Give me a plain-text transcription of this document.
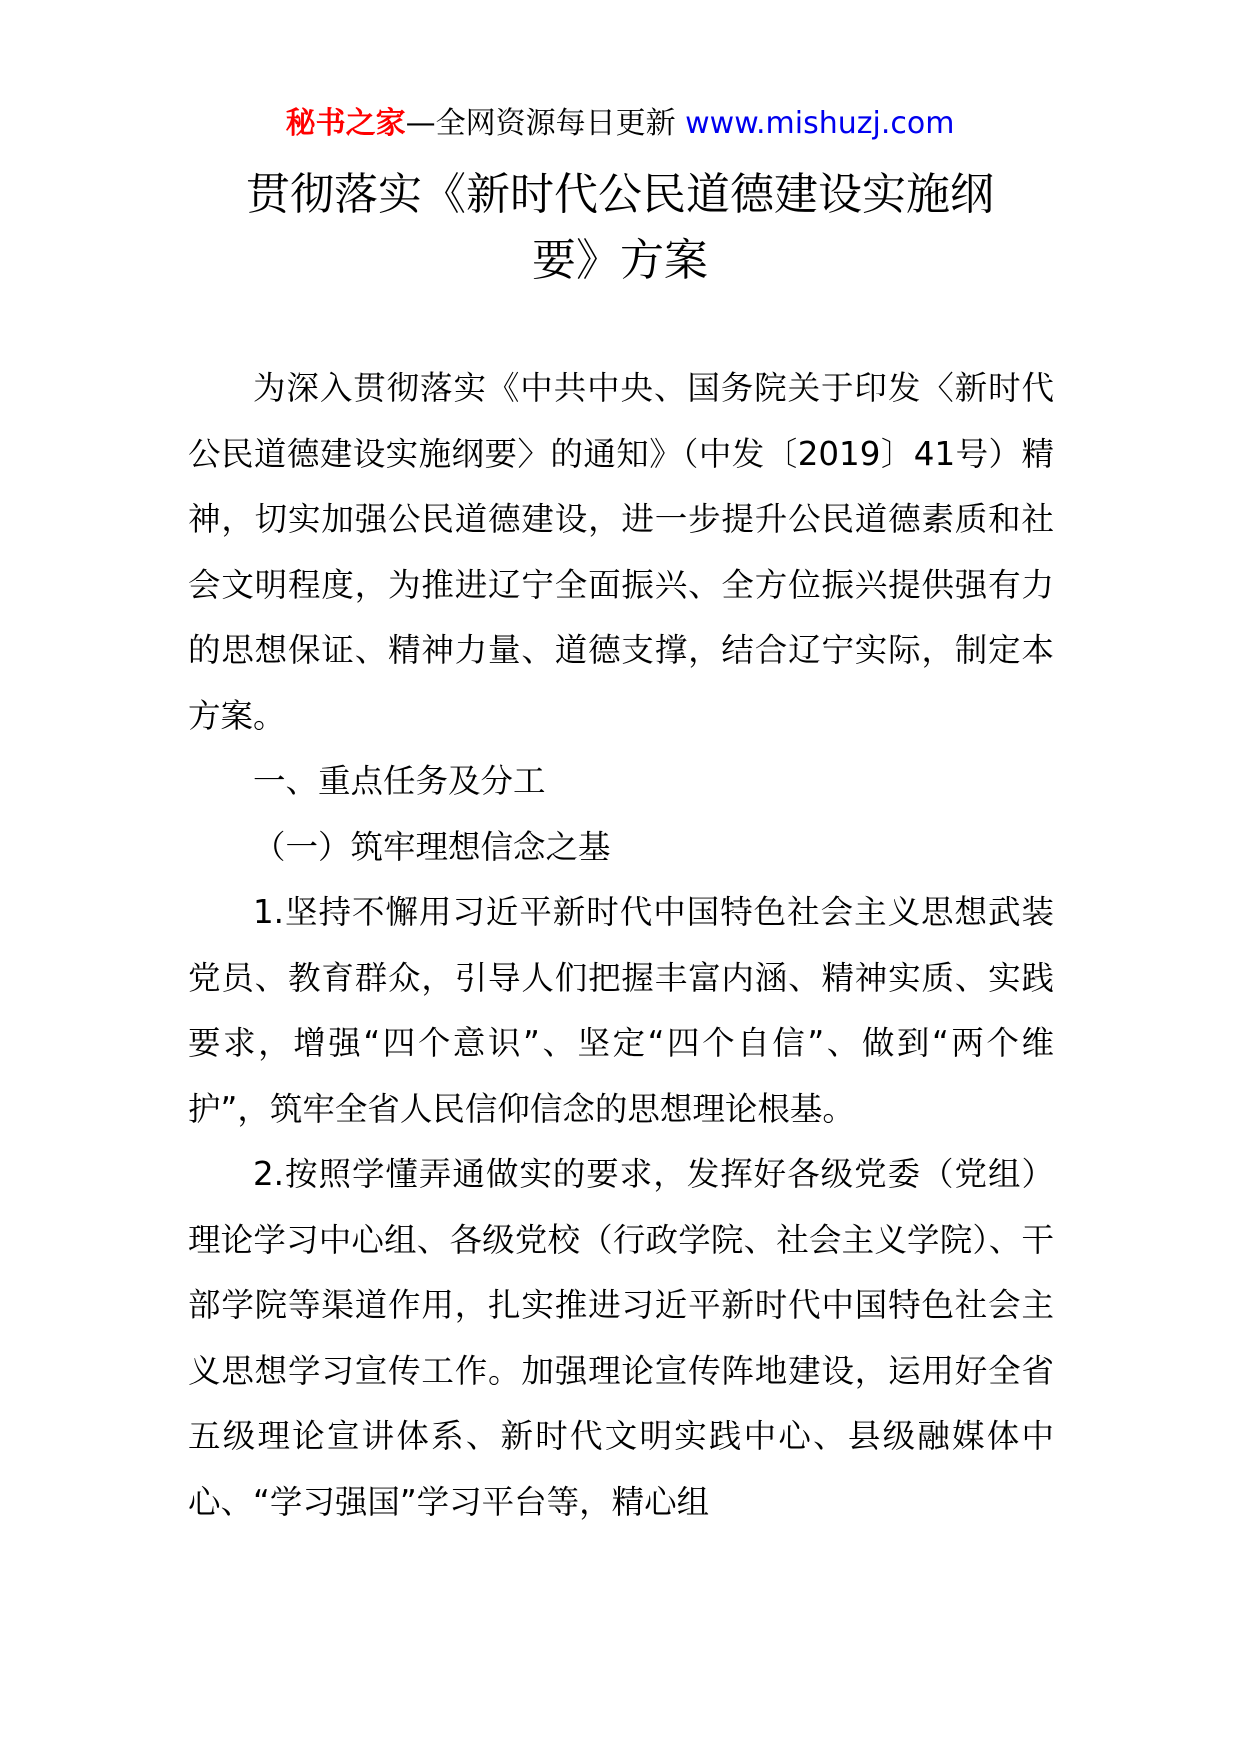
秘书之家—全网资源每日更新 www.mishuzj.com
贯彻落实《新时代公民道德建设实施纲
要》方案

为深入贯彻落实《中共中央、国务院关于印发〈新时代公民道德建设实施纲要〉的通知》（中发〔2019〕41号）精神，切实加强公民道德建设，进一步提升公民道德素质和社会文明程度，为推进辽宁全面振兴、全方位振兴提供强有力的思想保证、精神力量、道德支撑，结合辽宁实际，制定本方案。

一、重点任务及分工

（一）筑牢理想信念之基

1.坚持不懈用习近平新时代中国特色社会主义思想武装党员、教育群众，引导人们把握丰富内涵、精神实质、实践要求，增强“四个意识”、坚定“四个自信”、做到“两个维护”，筑牢全省人民信仰信念的思想理论根基。

2.按照学懂弄通做实的要求，发挥好各级党委（党组）理论学习中心组、各级党校（行政学院、社会主义学院）、干部学院等渠道作用，扎实推进习近平新时代中国特色社会主义思想学习宣传工作。加强理论宣传阵地建设，运用好全省五级理论宣讲体系、新时代文明实践中心、县级融媒体中心、“学习强国”学习平台等，精心组
